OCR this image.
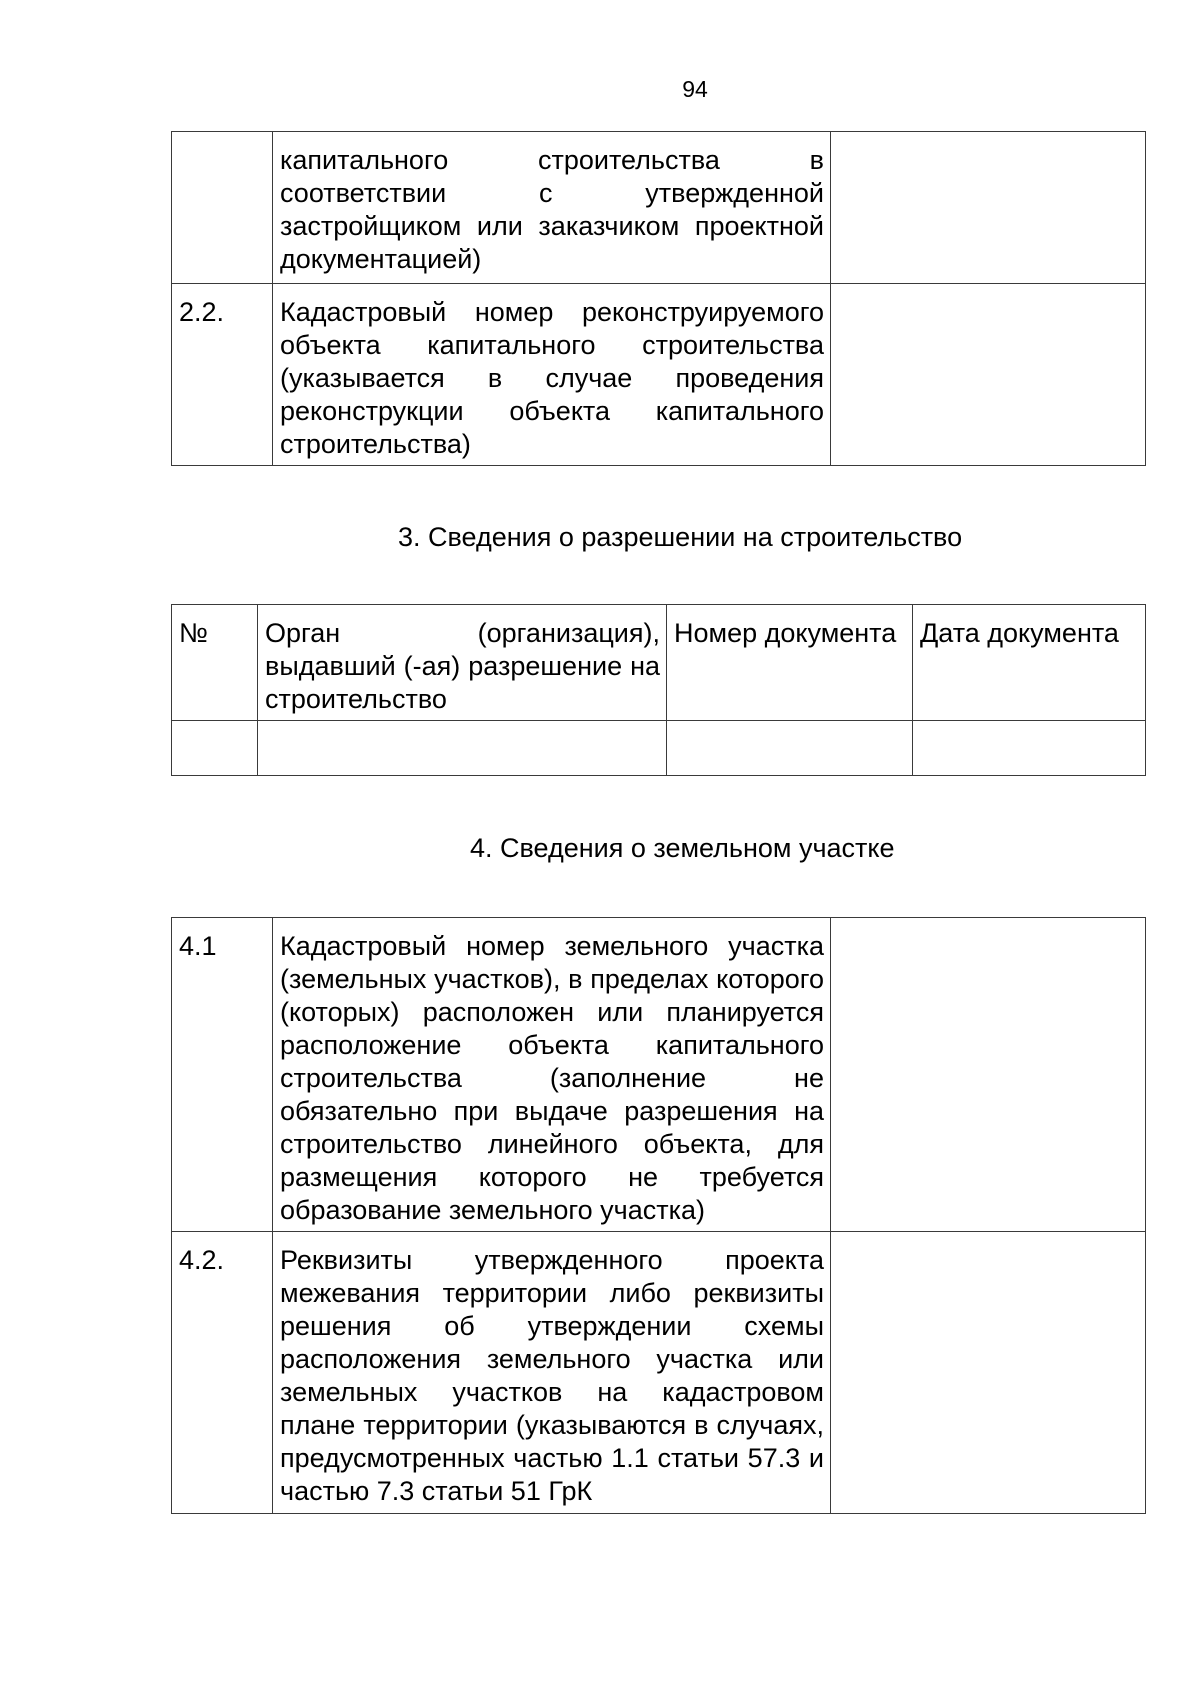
94
	капитального строительства в соответствии с утвержденной застройщиком или заказчиком проектной документацией)	
2.2.	Кадастровый номер реконструируемого объекта капитального строительства (указывается в случае проведения реконструкции объекта капитального строительства)	
3. Сведения о разрешении на строительство
№	Орган (организация), выдавший (-ая) разрешение на строительство	Номер документа	Дата документа

4. Сведения о земельном участке
4.1	Кадастровый номер земельного участка (земельных участков), в пределах которого (которых) расположен или планируется расположение объекта капитального строительства (заполнение не обязательно при выдаче разрешения на строительство линейного объекта, для размещения которого не требуется образование земельного участка)	
4.2.	Реквизиты утвержденного проекта межевания территории либо реквизиты решения об утверждении схемы расположения земельного участка или земельных участков на кадастровом плане территории (указываются в случаях, предусмотренных частью 1.1 статьи 57.3 и частью 7.3 статьи 51 ГрК	
